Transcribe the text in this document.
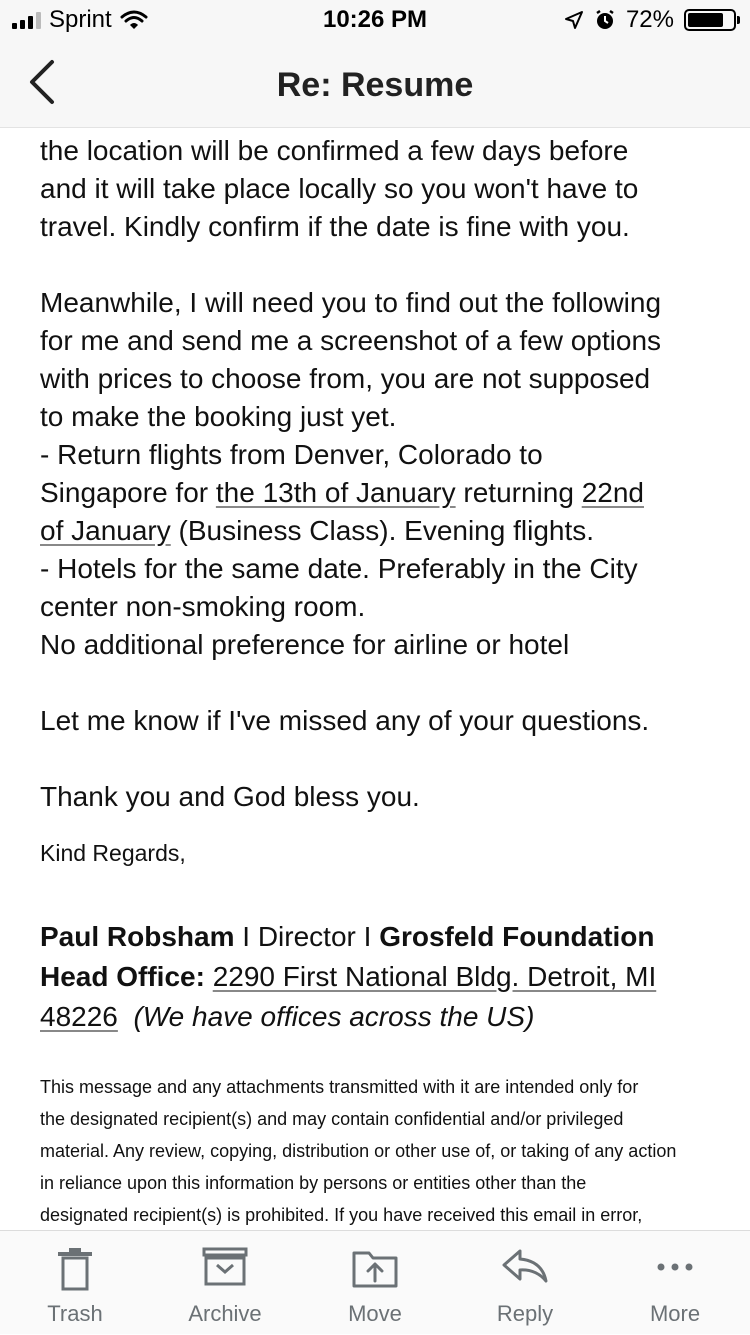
Sprint	10:26 PM	72%
Re: Resume

the location will be confirmed a few days before

and it will take place locally so you won't have to

travel. Kindly confirm if the date is fine with you.

Meanwhile, I will need you to find out the following

for me and send me a screenshot of a few options

with prices to choose from, you are not supposed

to make the booking just yet.

- Return flights from Denver, Colorado to

Singapore for the 13th of January returning 22nd

of January (Business Class). Evening flights.

- Hotels for the same date. Preferably in the City

center non-smoking room.

No additional preference for airline or hotel

Let me know if I've missed any of your questions.

Thank you and God bless you.

Kind Regards,
Paul Robsham I Director I Grosfeld Foundation
Head Office: 2290 First National Bldg. Detroit, MI
48226 (We have offices across the US)
This message and any attachments transmitted with it are intended only for
the designated recipient(s) and may contain confidential and/or privileged
material. Any review, copying, distribution or other use of, or taking of any action
in reliance upon this information by persons or entities other than the
designated recipient(s) is prohibited. If you have received this email in error,
Trash	Archive	Move	Reply	More
